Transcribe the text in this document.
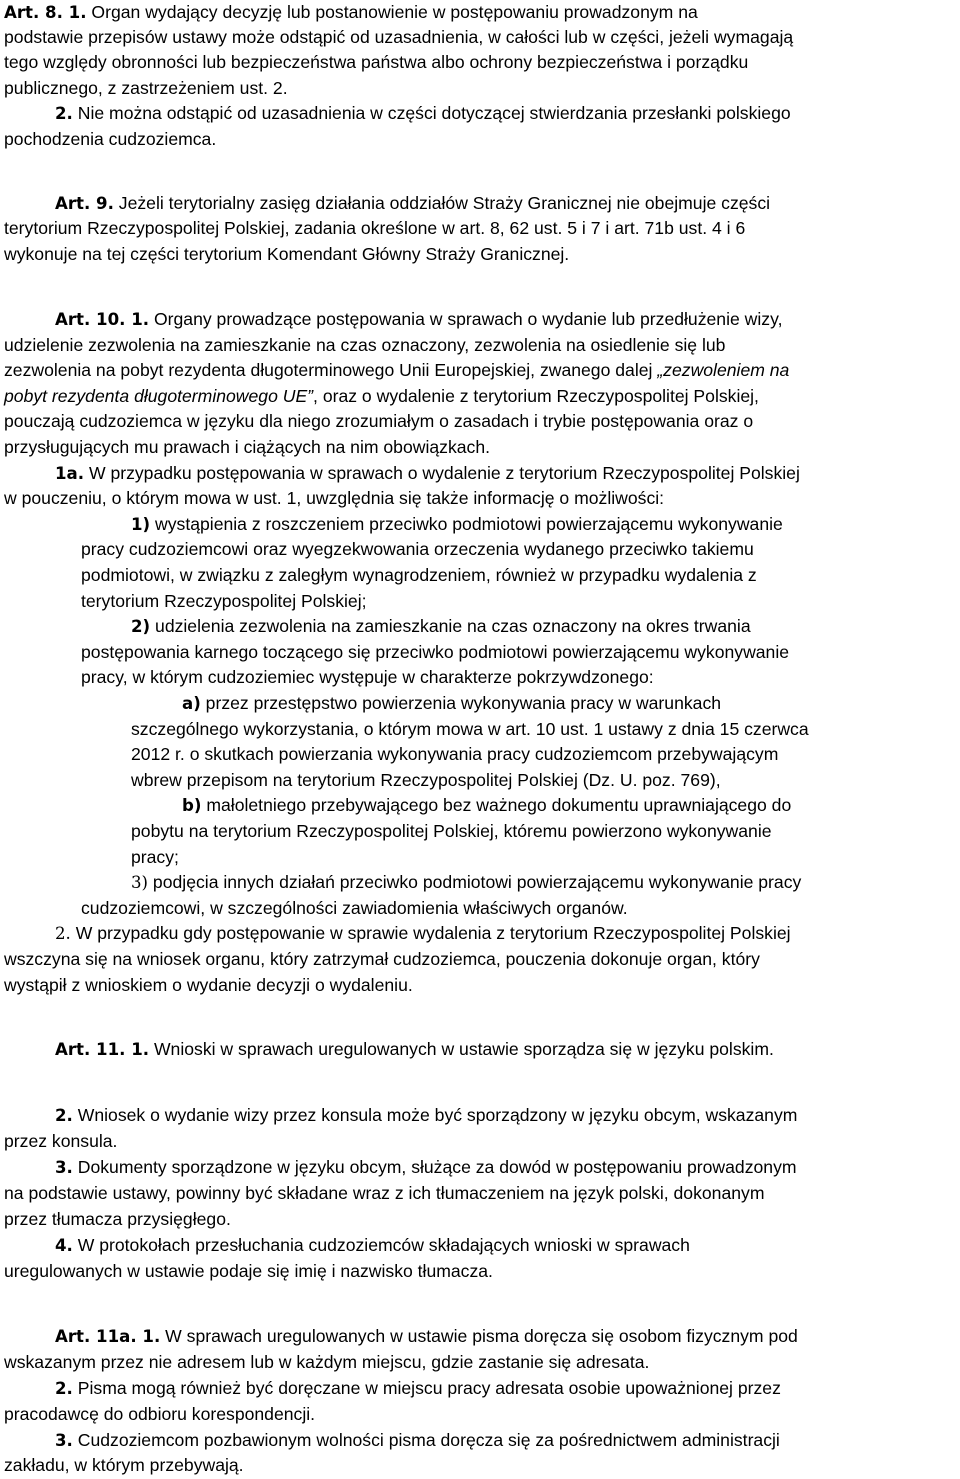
Art. 8. 1. Organ wydający decyzję lub postanowienie w postępowaniu prowadzonym na

podstawie przepisów ustawy może odstąpić od uzasadnienia, w całości lub w części, jeżeli wymagają

tego względy obronności lub bezpieczeństwa państwa albo ochrony bezpieczeństwa i porządku

publicznego, z zastrzeżeniem ust. 2.

2. Nie można odstąpić od uzasadnienia w części dotyczącej stwierdzania przesłanki polskiego

pochodzenia cudzoziemca.

Art. 9. Jeżeli terytorialny zasięg działania oddziałów Straży Granicznej nie obejmuje części

terytorium Rzeczypospolitej Polskiej, zadania określone w art. 8, 62 ust. 5 i 7 i art. 71b ust. 4 i 6

wykonuje na tej części terytorium Komendant Główny Straży Granicznej.

Art. 10. 1. Organy prowadzące postępowania w sprawach o wydanie lub przedłużenie wizy,

udzielenie zezwolenia na zamieszkanie na czas oznaczony, zezwolenia na osiedlenie się lub

zezwolenia na pobyt rezydenta długoterminowego Unii Europejskiej, zwanego dalej „zezwoleniem na

pobyt rezydenta długoterminowego UE”, oraz o wydalenie z terytorium Rzeczypospolitej Polskiej,

pouczają cudzoziemca w języku dla niego zrozumiałym o zasadach i trybie postępowania oraz o

przysługujących mu prawach i ciążących na nim obowiązkach.

1a. W przypadku postępowania w sprawach o wydalenie z terytorium Rzeczypospolitej Polskiej

w pouczeniu, o którym mowa w ust. 1, uwzględnia się także informację o możliwości:

1) wystąpienia z roszczeniem przeciwko podmiotowi powierzającemu wykonywanie

pracy cudzoziemcowi oraz wyegzekwowania orzeczenia wydanego przeciwko takiemu

podmiotowi, w związku z zaległym wynagrodzeniem, również w przypadku wydalenia z

terytorium Rzeczypospolitej Polskiej;

2) udzielenia zezwolenia na zamieszkanie na czas oznaczony na okres trwania

postępowania karnego toczącego się przeciwko podmiotowi powierzającemu wykonywanie

pracy, w którym cudzoziemiec występuje w charakterze pokrzywdzonego:

a) przez przestępstwo powierzenia wykonywania pracy w warunkach

szczególnego wykorzystania, o którym mowa w art. 10 ust. 1 ustawy z dnia 15 czerwca

2012 r. o skutkach powierzania wykonywania pracy cudzoziemcom przebywającym

wbrew przepisom na terytorium Rzeczypospolitej Polskiej (Dz. U. poz. 769),

b) małoletniego przebywającego bez ważnego dokumentu uprawniającego do

pobytu na terytorium Rzeczypospolitej Polskiej, któremu powierzono wykonywanie

pracy;

3) podjęcia innych działań przeciwko podmiotowi powierzającemu wykonywanie pracy

cudzoziemcowi, w szczególności zawiadomienia właściwych organów.

2. W przypadku gdy postępowanie w sprawie wydalenia z terytorium Rzeczypospolitej Polskiej

wszczyna się na wniosek organu, który zatrzymał cudzoziemca, pouczenia dokonuje organ, który

wystąpił z wnioskiem o wydanie decyzji o wydaleniu.

Art. 11. 1. Wnioski w sprawach uregulowanych w ustawie sporządza się w języku polskim.

2. Wniosek o wydanie wizy przez konsula może być sporządzony w języku obcym, wskazanym

przez konsula.

3. Dokumenty sporządzone w języku obcym, służące za dowód w postępowaniu prowadzonym

na podstawie ustawy, powinny być składane wraz z ich tłumaczeniem na język polski, dokonanym

przez tłumacza przysięgłego.

4. W protokołach przesłuchania cudzoziemców składających wnioski w sprawach

uregulowanych w ustawie podaje się imię i nazwisko tłumacza.

Art. 11a. 1. W sprawach uregulowanych w ustawie pisma doręcza się osobom fizycznym pod

wskazanym przez nie adresem lub w każdym miejscu, gdzie zastanie się adresata.

2. Pisma mogą również być doręczane w miejscu pracy adresata osobie upoważnionej przez

pracodawcę do odbioru korespondencji.

3. Cudzoziemcom pozbawionym wolności pisma doręcza się za pośrednictwem administracji

zakładu, w którym przebywają.
